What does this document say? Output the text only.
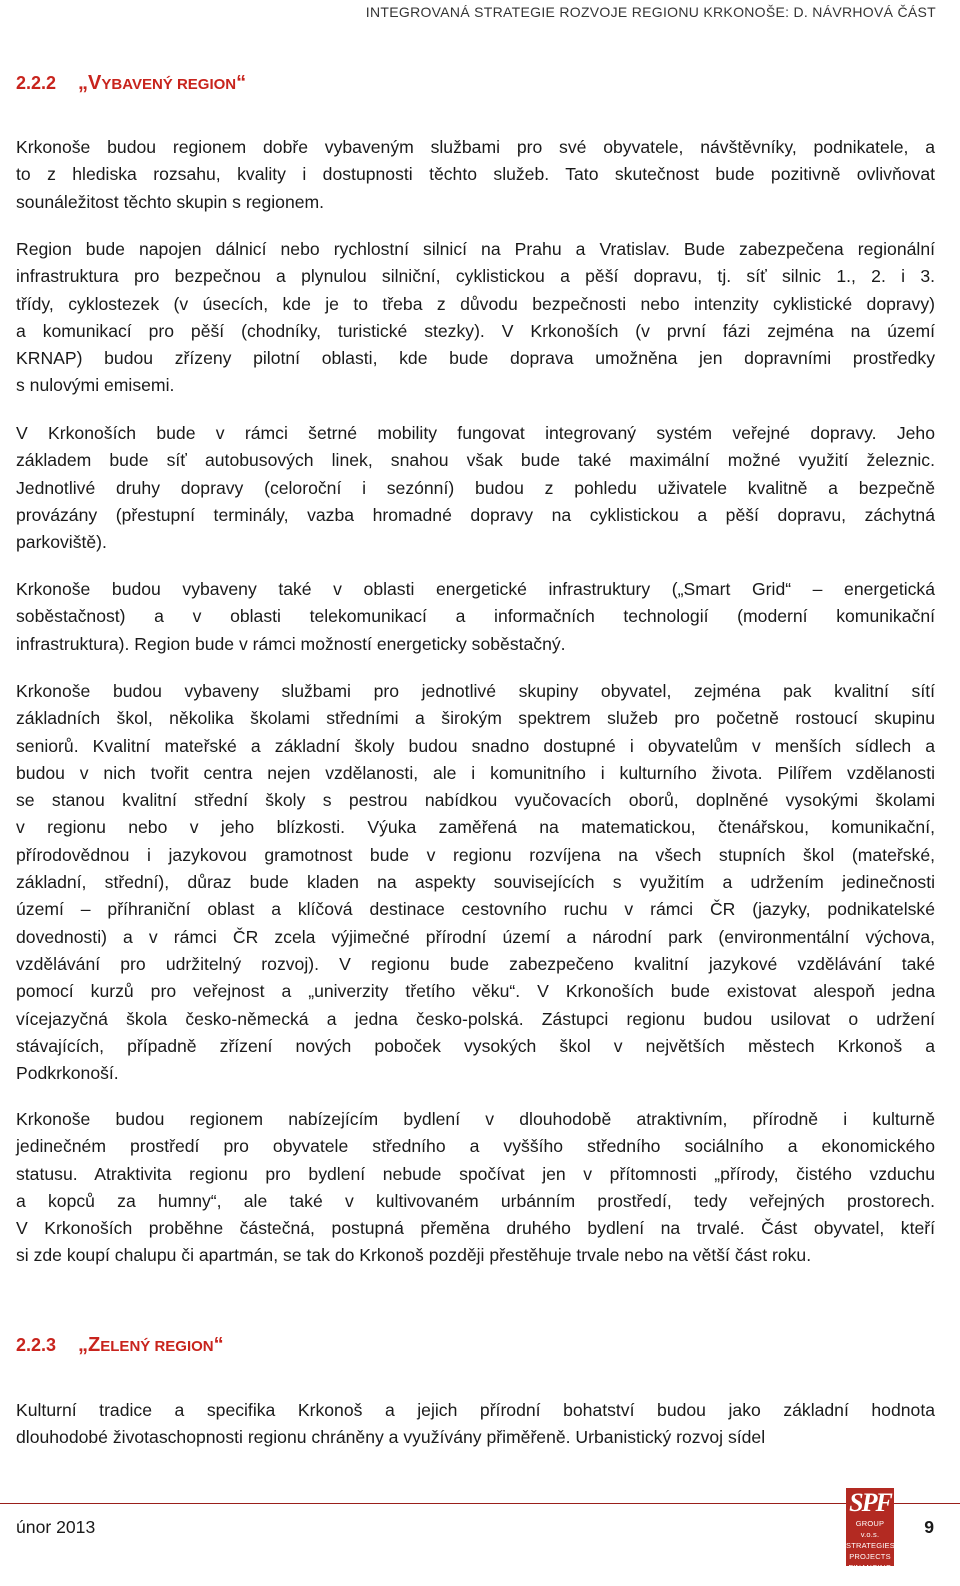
INTEGROVANÁ STRATEGIE ROZVOJE REGIONU KRKONOŠE: D. NÁVRHOVÁ ČÁST
2.2.2 „VYBAVENÝ REGION“
Krkonoše budou regionem dobře vybaveným službami pro své obyvatele, návštěvníky, podnikatele, a
to z hlediska rozsahu, kvality i dostupnosti těchto služeb. Tato skutečnost bude pozitivně ovlivňovat
sounáležitost těchto skupin s regionem.
Region bude napojen dálnicí nebo rychlostní silnicí na Prahu a Vratislav. Bude zabezpečena regionální
infrastruktura pro bezpečnou a plynulou silniční, cyklistickou a pěší dopravu, tj. síť silnic 1., 2. i 3.
třídy, cyklostezek (v úsecích, kde je to třeba z důvodu bezpečnosti nebo intenzity cyklistické dopravy)
a komunikací pro pěší (chodníky, turistické stezky). V Krkonoších (v první fázi zejména na území
KRNAP) budou zřízeny pilotní oblasti, kde bude doprava umožněna jen dopravními prostředky
s nulovými emisemi.
V Krkonoších bude v rámci šetrné mobility fungovat integrovaný systém veřejné dopravy. Jeho
základem bude síť autobusových linek, snahou však bude také maximální možné využití železnic.
Jednotlivé druhy dopravy (celoroční i sezónní) budou z pohledu uživatele kvalitně a bezpečně
provázány (přestupní terminály, vazba hromadné dopravy na cyklistickou a pěší dopravu, záchytná
parkoviště).
Krkonoše budou vybaveny také v oblasti energetické infrastruktury („Smart Grid“ – energetická
soběstačnost) a v oblasti telekomunikací a informačních technologií (moderní komunikační
infrastruktura). Region bude v rámci možností energeticky soběstačný.
Krkonoše budou vybaveny službami pro jednotlivé skupiny obyvatel, zejména pak kvalitní sítí
základních škol, několika školami středními a širokým spektrem služeb pro početně rostoucí skupinu
seniorů. Kvalitní mateřské a základní školy budou snadno dostupné i obyvatelům v menších sídlech a
budou v nich tvořit centra nejen vzdělanosti, ale i komunitního i kulturního života. Pilířem vzdělanosti
se stanou kvalitní střední školy s pestrou nabídkou vyučovacích oborů, doplněné vysokými školami
v regionu nebo v jeho blízkosti. Výuka zaměřená na matematickou, čtenářskou, komunikační,
přírodovědnou i jazykovou gramotnost bude v regionu rozvíjena na všech stupních škol (mateřské,
základní, střední), důraz bude kladen na aspekty souvisejících s využitím a udržením jedinečnosti
území – příhraniční oblast a klíčová destinace cestovního ruchu v rámci ČR (jazyky, podnikatelské
dovednosti) a v rámci ČR zcela výjimečné přírodní území a národní park (environmentální výchova,
vzdělávání pro udržitelný rozvoj). V regionu bude zabezpečeno kvalitní jazykové vzdělávání také
pomocí kurzů pro veřejnost a „univerzity třetího věku“. V Krkonoších bude existovat alespoň jedna
vícejazyčná škola česko-německá a jedna česko-polská. Zástupci regionu budou usilovat o udržení
stávajících, případně zřízení nových poboček vysokých škol v největších městech Krkonoš a
Podkrkonoší.
Krkonoše budou regionem nabízejícím bydlení v dlouhodobě atraktivním, přírodně i kulturně
jedinečném prostředí pro obyvatele středního a vyššího středního sociálního a ekonomického
statusu. Atraktivita regionu pro bydlení nebude spočívat jen v přítomnosti „přírody, čistého vzduchu
a kopců za humny“, ale také v kultivovaném urbánním prostředí, tedy veřejných prostorech.
V Krkonoších proběhne částečná, postupná přeměna druhého bydlení na trvalé. Část obyvatel, kteří
si zde koupí chalupu či apartmán, se tak do Krkonoš později přestěhuje trvale nebo na větší část roku.
2.2.3 „ZELENÝ REGION“
Kulturní tradice a specifika Krkonoš a jejich přírodní bohatství budou jako základní hodnota
dlouhodobé životaschopnosti regionu chráněny a využívány přiměřeně. Urbanistický rozvoj sídel
únor 2013
SPF
GROUP v.o.s.
STRATEGIES
PROJECTS
FINANCING
9
